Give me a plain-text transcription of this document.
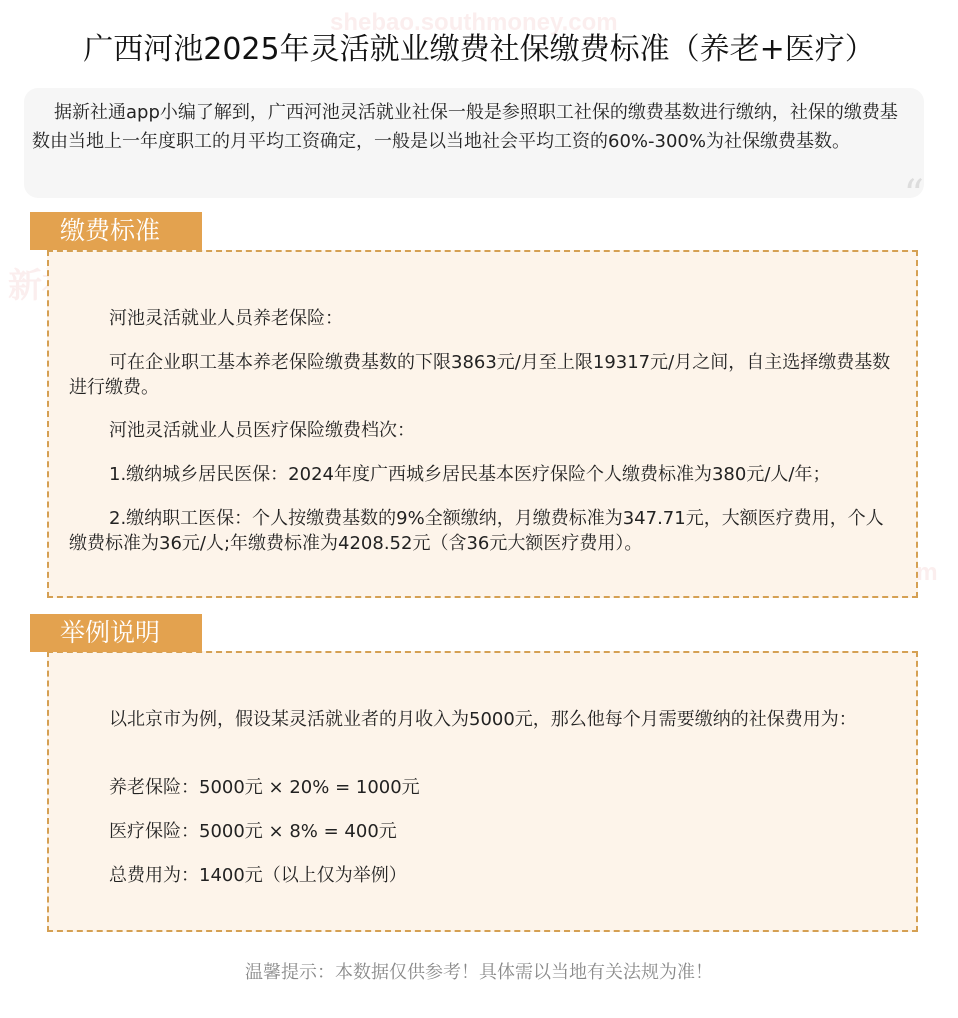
shebao.southmoney.com
广西河池2025年灵活就业缴费社保缴费标准（养老+医疗）
据新社通app小编了解到，广西河池灵活就业社保一般是参照职工社保的缴费基数进行缴纳，社保的缴费基数由当地上一年度职工的月平均工资确定，一般是以当地社会平均工资的60%-300%为社保缴费基数。
“
河池灵活就业人员养老保险：
可在企业职工基本养老保险缴费基数的下限3863元/月至上限19317元/月之间，自主选择缴费基数进行缴费。
河池灵活就业人员医疗保险缴费档次：
1.缴纳城乡居民医保：2024年度广西城乡居民基本医疗保险个人缴费标准为380元/人/年；
2.缴纳职工医保：个人按缴费基数的9%全额缴纳，月缴费标准为347.71元，大额医疗费用，个人缴费标准为36元/人;年缴费标准为4208.52元（含36元大额医疗费用）。
缴费标准
以北京市为例，假设某灵活就业者的月收入为5000元，那么他每个月需要缴纳的社保费用为：
养老保险：5000元 × 20% = 1000元
医疗保险：5000元 × 8% = 400元
总费用为：1400元（以上仅为举例）
举例说明
温馨提示：本数据仅供参考！具体需以当地有关法规为准！
